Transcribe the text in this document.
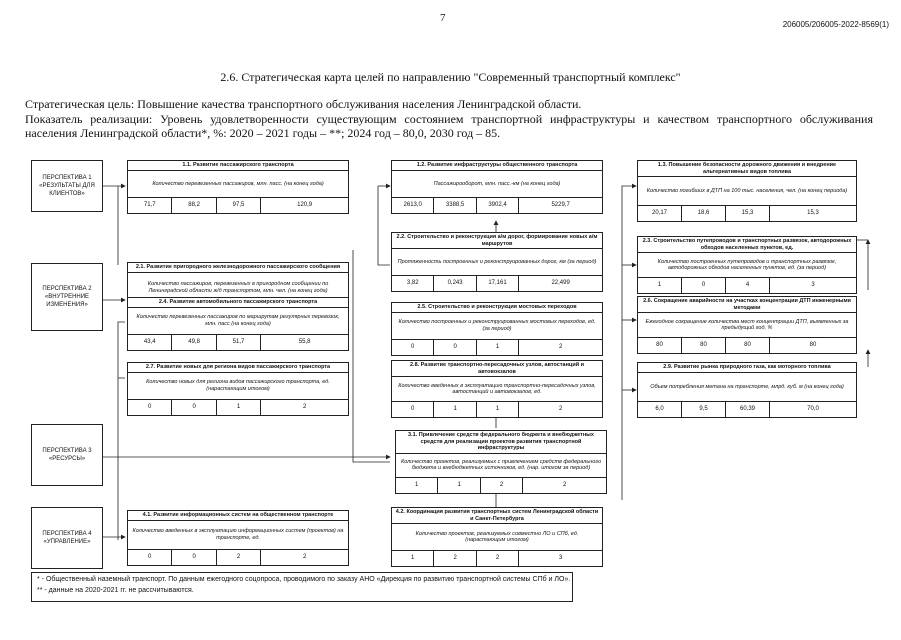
7
206005/206005-2022-8569(1)
2.6. Стратегическая карта целей по направлению "Современный транспортный комплекс"
Стратегическая цель: Повышение качества транспортного обслуживания населения Ленинградской области.
Показатель реализации: Уровень удовлетворенности существующим состоянием транспортной инфраструктуры и качеством транспортного обслуживания населения Ленинградской области*, %: 2020 – 2021 годы – **; 2024 год – 80,0, 2030 год – 85.
ПЕРСПЕКТИВА 1 «РЕЗУЛЬТАТЫ ДЛЯ КЛИЕНТОВ»
ПЕРСПЕКТИВА 2 «ВНУТРЕННИЕ ИЗМЕНЕНИЯ»
ПЕРСПЕКТИВА 3 «РЕСУРСЫ»
ПЕРСПЕКТИВА 4 «УПРАВЛЕНИЕ»
1.1. Развитие пассажирского транспорта
Количество перевезенных пассажиров, млн. пасс. (на конец года)
71,7	88,2	97,5	120,9
2.1. Развитие пригородного железнодорожного пассажирского сообщения
Количество пассажиров, перевезенных в пригородном сообщении по Ленинградской области ж/д транспортом, млн. чел. (на конец года)
2.4. Развитие автомобильного пассажирского транспорта
Количество перевезенных пассажиров по маршрутам регулярных перевозок, млн. пасс (на конец года)
43,4	49,8	51,7	55,8
2.7. Развитие новых для региона видов пассажирского транспорта
Количество новых для региона видов пассажирского транспорта, ед. (нарастающим итогом)
0	0	1	2
4.1. Развитие информационных систем на общественном транспорте
Количество введенных в эксплуатацию информационных систем (проектов) на транспорте, ед.
0	0	2	2
1.2. Развитие инфраструктуры общественного транспорта
Пассажирооборот, млн. пасс.-км (на конец года)
2613,0	3388,5	3902,4	5229,7
2.2. Строительство и реконструкция а/м дорог, формирование новых а/м маршрутов
Протяженность построенных и реконструированных дорог, км (за период)
3,82	0,243	17,161	22,499
2.5. Строительство и реконструкция мостовых переходов
Количество построенных и реконструированных мостовых переходов, ед. (за период)
0	0	1	2
2.8. Развитие транспортно-пересадочных узлов, автостанций и автовокзалов
Количество введенных в эксплуатацию транспортно-пересадочных узлов, автостанций и автовокзалов, ед.
0	1	1	2
3.1. Привлечение средств федерального бюджета и внебюджетных средств для реализации проектов развития транспортной инфраструктуры
Количество проектов, реализуемых с привлечением средств федерального бюджета и внебюджетных источников, ед. (нар. итогом за период)
1	1	2	2
4.2. Координация развития транспортных систем Ленинградской области и Санкт-Петербурга
Количество проектов, реализуемых совместно ЛО и СПб, ед.(нарастающим итогом)
1	2	2	3
1.3. Повышение безопасности дорожного движения и внедрение альтернативных видов топлива
Количество погибших в ДТП на 100 тыс. населения, чел. (на конец периода)
20,17	18,6	15,3	15,3
2.3. Строительство путепроводов и транспортных развязок, автодорожных обходов населенных пунктов, ед.
Количество построенных путепроводов и транспортных развязок, автодорожных обходов населенных пунктов, ед. (за период)
1	0	4	3
2.6. Сокращение аварийности на участках концентрации ДТП инженерными методами
Ежегодное сокращение количества мест концентрации ДТП, выявленных за предыдущий год, %
80	80	80	80
2.9. Развитие рынка природного газа, как моторного топлива
Объем потребления метана на транспорте, млрд. куб. м (на конец года)
6,0	9,5	60,39	70,0
* - Общественный наземный транспорт. По данным ежегодного соцопроса, проводимого по заказу АНО «Дирекция по развитию транспортной системы СПб и ЛО».
** - данные на 2020-2021 гг. не рассчитываются.
